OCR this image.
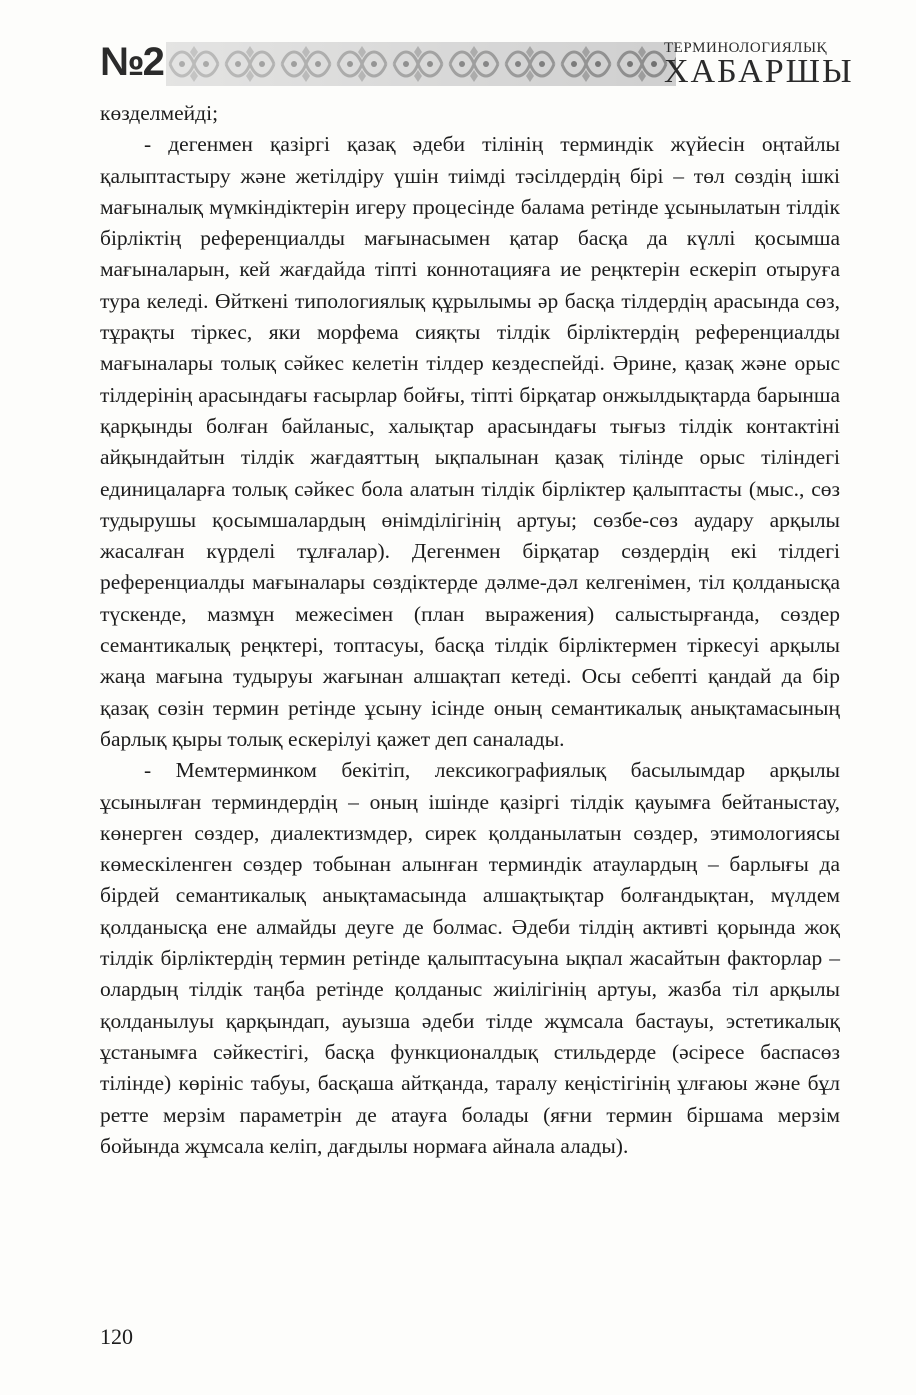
№2	ТЕРМИНОЛОГИЯЛЫҚ
ХАБАРШЫ

көзделмейді;

- дегенмен қазіргі қазақ әдеби тілінің терминдік жүйесін оңтайлы қалыптастыру және жетілдіру үшін тиімді тәсілдердің бірі – төл сөздің ішкі мағыналық мүмкіндіктерін игеру процесінде балама ретінде ұсынылатын тілдік бірліктің референциалды мағынасымен қатар басқа да күллі қосымша мағыналарын, кей жағдайда тіпті коннотацияға ие реңктерін ескеріп отыруға тура келеді. Өйткені типологиялық құрылымы әр басқа тілдердің арасында сөз, тұрақты тіркес, яки морфема сияқты тілдік бірліктердің референциалды мағыналары толық сәйкес келетін тілдер кездеспейді. Әрине, қазақ және орыс тілдерінің арасындағы ғасырлар бойғы, тіпті бірқатар онжылдықтарда барынша қарқынды болған байланыс, халықтар арасындағы тығыз тілдік контактіні айқындайтын тілдік жағдаяттың ықпалынан қазақ тілінде орыс тіліндегі единицаларға толық сәйкес бола алатын тілдік бірліктер қалыптасты (мыс., сөз тудырушы қосымшалардың өнімділігінің артуы; сөзбе-сөз аудару арқылы жасалған күрделі тұлғалар). Дегенмен бірқатар сөздердің екі тілдегі референциалды мағыналары сөздіктерде дәлме-дәл келгенімен, тіл қолданысқа түскенде, мазмұн межесімен (план выражения) салыстырғанда, сөздер семантикалық реңктері, топтасуы, басқа тілдік бірліктермен тіркесуі арқылы жаңа мағына тудыруы жағынан алшақтап кетеді. Осы себепті қандай да бір қазақ сөзін термин ретінде ұсыну ісінде оның семантикалық анықтамасының барлық қыры толық ескерілуі қажет деп саналады.

- Мемтерминком бекітіп, лексикографиялық басылымдар арқылы ұсынылған терминдердің – оның ішінде қазіргі тілдік қауымға бейтаныстау, көнерген сөздер, диалектизмдер, сирек қолданылатын сөздер, этимологиясы көмескіленген сөздер тобынан алынған терминдік атаулардың – барлығы да бірдей семантикалық анықтамасында алшақтықтар болғандықтан, мүлдем қолданысқа ене алмайды деуге де болмас. Әдеби тілдің активті қорында жоқ тілдік бірліктердің термин ретінде қалыптасуына ықпал жасайтын факторлар – олардың тілдік таңба ретінде қолданыс жиілігінің артуы, жазба тіл арқылы қолданылуы қарқындап, ауызша әдеби тілде жұмсала бастауы, эстетикалық ұстанымға сәйкестігі, басқа функционалдық стильдерде (әсіресе баспасөз тілінде) көрініс табуы, басқаша айтқанда, таралу кеңістігінің ұлғаюы және бұл ретте мерзім параметрін де атауға болады (яғни термин біршама мерзім бойында жұмсала келіп, дағдылы нормаға айнала алады).

120
